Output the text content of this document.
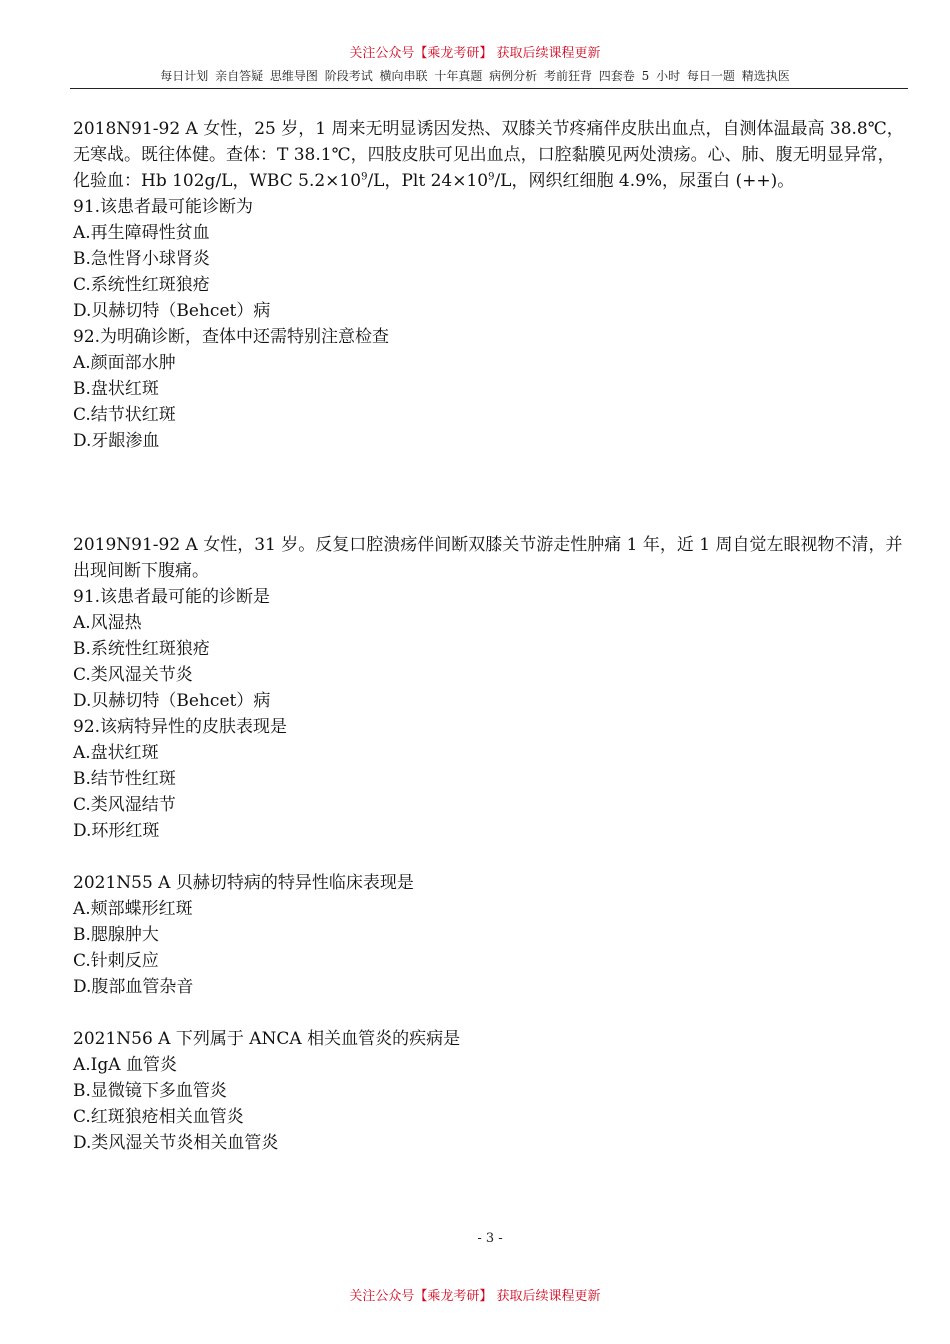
关注公众号【乘龙考研】 获取后续课程更新
每日计划 亲自答疑 思维导图 阶段考试 横向串联 十年真题 病例分析 考前狂背 四套卷 5 小时 每日一题 精选执医

2018N91-92 A 女性，25 岁，1 周来无明显诱因发热、双膝关节疼痛伴皮肤出血点，自测体温最高 38.8℃，无寒战。既往体健。查体：T 38.1℃，四肢皮肤可见出血点，口腔黏膜见两处溃疡。心、肺、腹无明显异常，化验血：Hb 102g/L，WBC $5.2\times 10^9/L$，Plt $24\times 10^9/L$，网织红细胞 4.9%，尿蛋白 (++)。

91.该患者最可能诊断为

A.再生障碍性贫血

B.急性肾小球肾炎

C.系统性红斑狼疮

D.贝赫切特（Behcet）病

92.为明确诊断，查体中还需特别注意检查

A.颜面部水肿

B.盘状红斑

C.结节状红斑

D.牙龈渗血

2019N91-92 A 女性，31 岁。反复口腔溃疡伴间断双膝关节游走性肿痛 1 年，近 1 周自觉左眼视物不清，并出现间断下腹痛。

91.该患者最可能的诊断是

A.风湿热

B.系统性红斑狼疮

C.类风湿关节炎

D.贝赫切特（Behcet）病

92.该病特异性的皮肤表现是

A.盘状红斑

B.结节性红斑

C.类风湿结节

D.环形红斑

2021N55 A 贝赫切特病的特异性临床表现是

A.颊部蝶形红斑

B.腮腺肿大

C.针刺反应

D.腹部血管杂音

2021N56 A 下列属于 ANCA 相关血管炎的疾病是

A.IgA 血管炎

B.显微镜下多血管炎

C.红斑狼疮相关血管炎

D.类风湿关节炎相关血管炎

- 3 -
关注公众号【乘龙考研】 获取后续课程更新
